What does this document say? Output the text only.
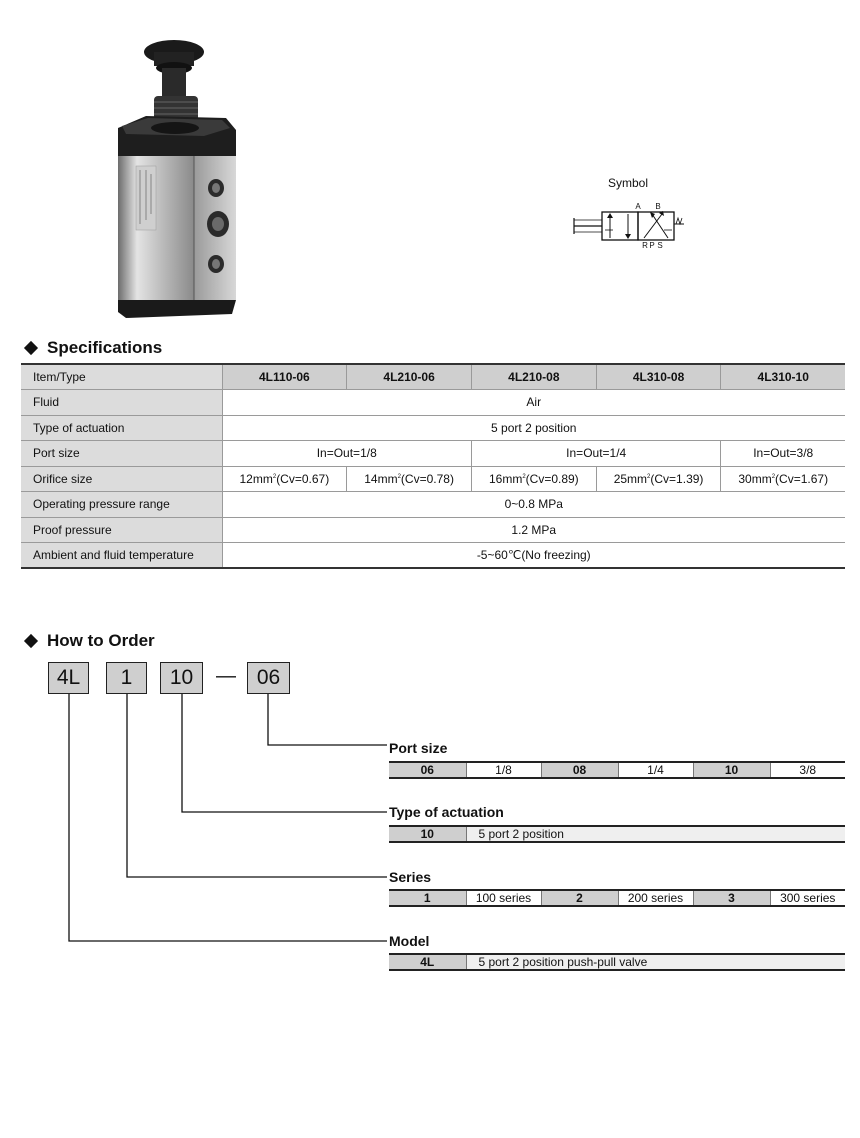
Symbol
A B
R P S
Specifications
Item/Type	4L110-06	4L210-06	4L210-08	4L310-08	4L310-10
Fluid	Air				
Type of actuation	5 port 2 position				
Port size	In=Out=1/8		In=Out=1/4		In=Out=3/8
Orifice size	$12mm^2(Cv=0.67)$	$14mm^2(Cv=0.78)$	$16mm^2(Cv=0.89)$	$25mm^2(Cv=1.39)$	$30mm^2(Cv=1.67)$
Operating pressure range	0~0.8 MPa				
Proof pressure	1.2 MPa				
Ambient and fluid temperature	-5~60℃(No freezing)				
How to Order
4L	1	10	— 06
Port size
06	1/8	08	1/4	10	3/8
Type of actuation
10	5 port 2 position
Series
1	100 series	2	200 series	3	300 series
Model
4L	5 port 2 position push-pull valve
